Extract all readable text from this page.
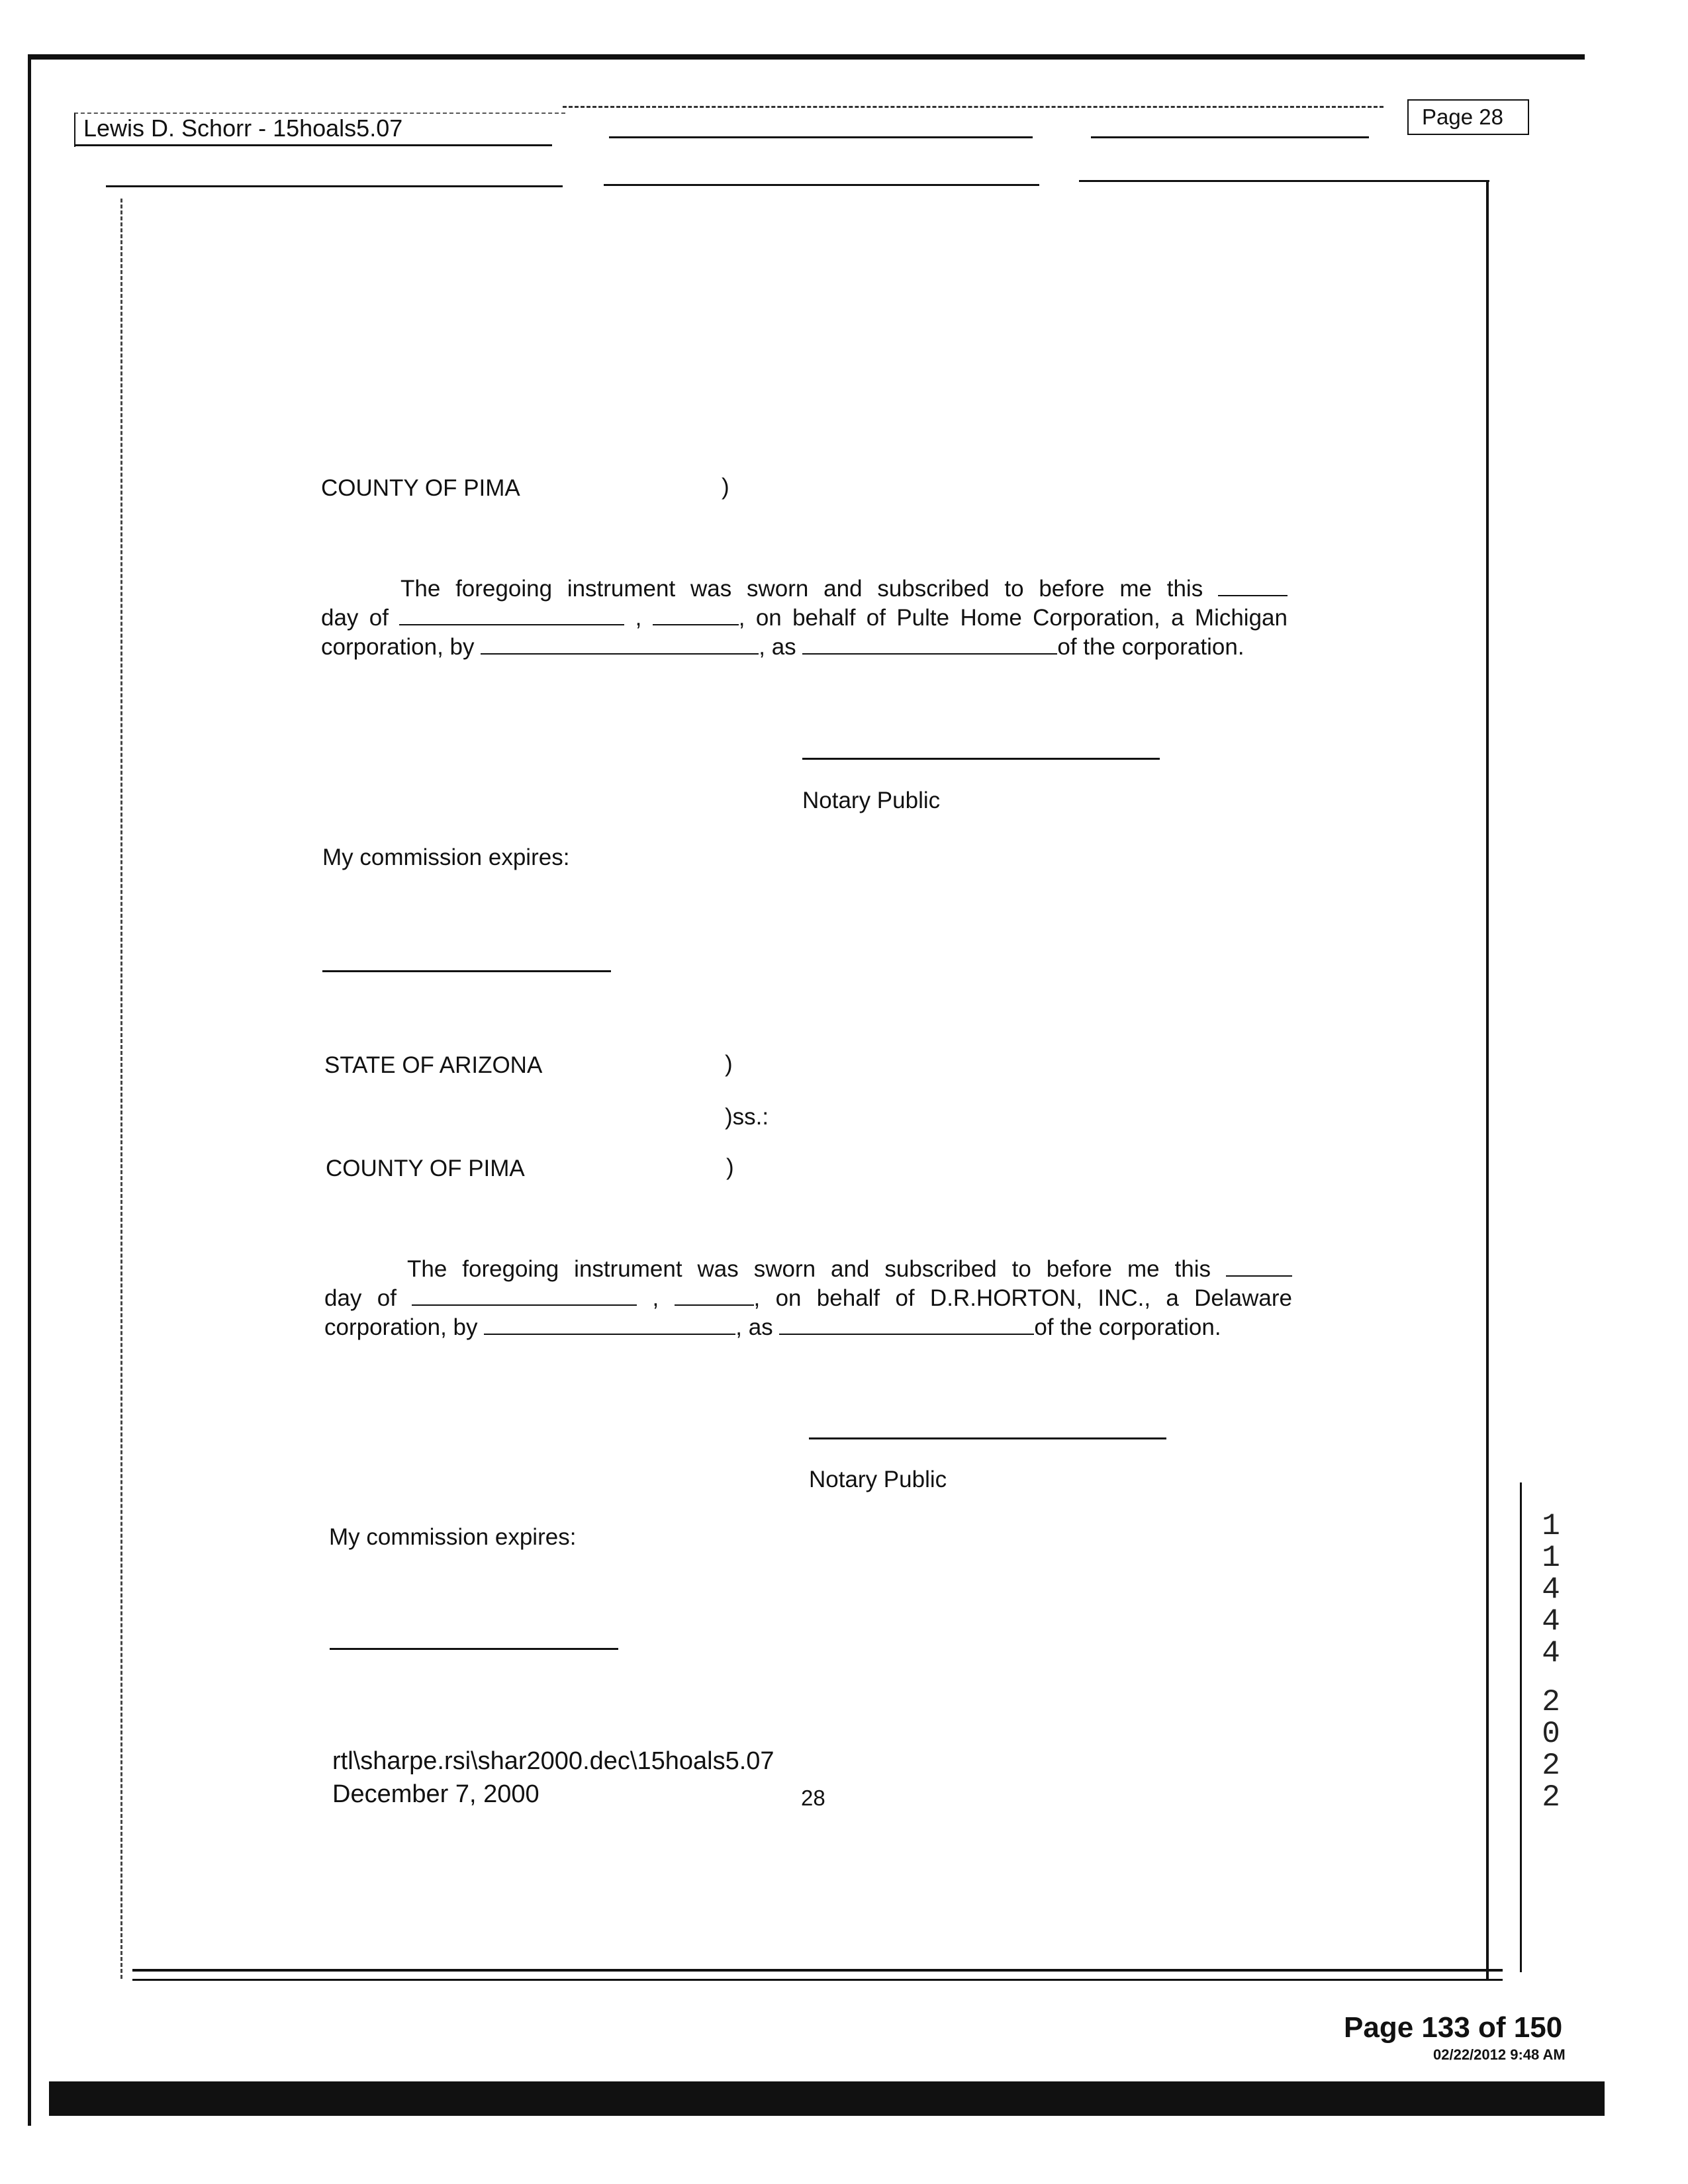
Lewis D. Schorr - 15hoals5.07	Page 28
COUNTY OF PIMA	)
The foregoing instrument was sworn and subscribed to before me this
day of	,	, on behalf of Pulte Home Corporation, a Michigan
corporation, by	, as	of the corporation.
Notary Public
My commission expires:
STATE OF ARIZONA	)
)ss.:
COUNTY OF PIMA	)
The foregoing instrument was sworn and subscribed to before me this
day of	,	, on behalf of D.R.HORTON, INC., a Delaware
corporation, by	, as	of the corporation.
Notary Public
My commission expires:
rtl\sharpe.rsi\shar2000.dec\15hoals5.07
December 7, 2000	28
1
1
4
4
4
2
0
2
2
Page 133 of 150
02/22/2012 9:48 AM
